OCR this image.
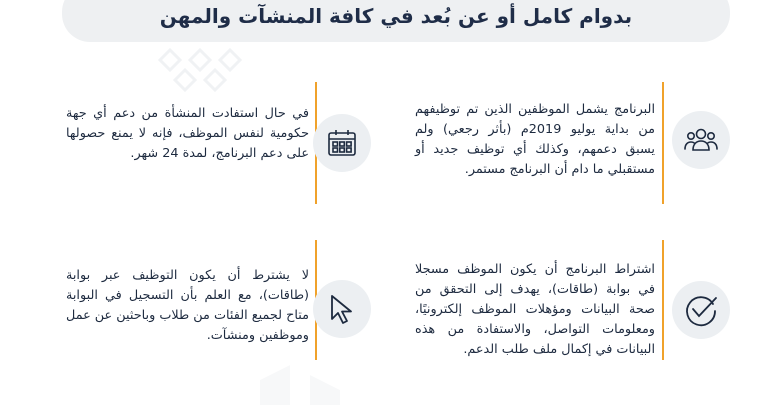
بدوام كامل أو عن بُعد في كافة المنشآت والمهن
البرنامج يشمل الموظفين الذين تم توظيفهم من بداية يوليو 2019م (بأثر رجعي) ولم يسبق دعمهم، وكذلك أي توظيف جديد أو مستقبلي ما دام أن البرنامج مستمر.
في حال استفادت المنشأة من دعم أي جهة حكومية لنفس الموظف، فإنه لا يمنع حصولها على دعم البرنامج، لمدة 24 شهر.
اشتراط البرنامج أن يكون الموظف مسجلا في بوابة (طاقات)، يهدف إلى التحقق من صحة البيانات ومؤهلات الموظف إلكترونيًا، ومعلومات التواصل، والاستفادة من هذه البيانات في إكمال ملف طلب الدعم.
لا يشترط أن يكون التوظيف عبر بوابة (طاقات)، مع العلم بأن التسجيل في البوابة متاح لجميع الفئات من طلاب وباحثين عن عمل وموظفين ومنشآت.
